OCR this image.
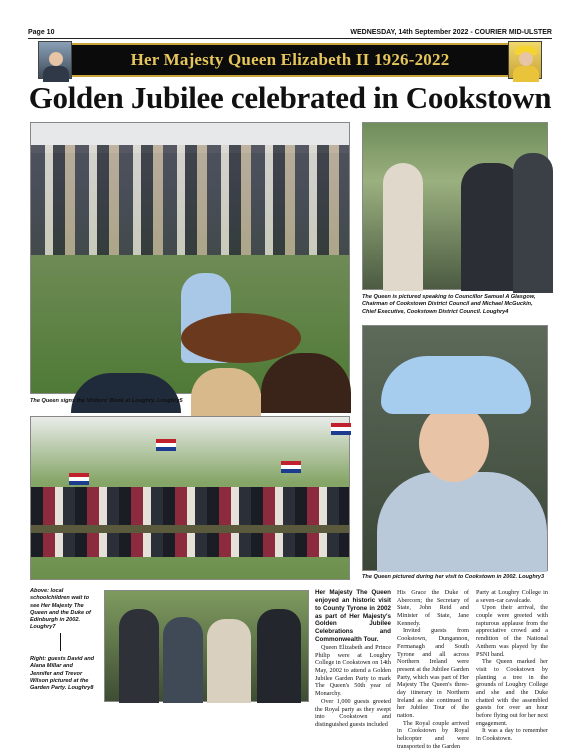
Page 10	WEDNESDAY, 14th September 2022 - COURIER MID-ULSTER
Her Majesty Queen Elizabeth II 1926-2022
Golden Jubilee celebrated in Cookstown
The Queen signs the Visitors' Book at Loughry. Loughry5
The Queen is pictured speaking to Councillor Samuel A Glasgow, Chairman of Cookstown District Council and Michael McGuckin, Chief Executive, Cookstown District Council. Loughry4
The Queen pictured during her visit to Cookstown in 2002. Loughry3
Above: local schoolchildren wait to see Her Majesty The Queen and the Duke of Edinburgh in 2002. Loughry7
Right: guests David and Alana Millar and Jennifer and Trevor Wilson pictured at the Garden Party. Loughry8
Her Majesty The Queen enjoyed an historic visit to County Tyrone in 2002 as part of Her Majesty's Golden Jubilee Celebrations and Commonwealth Tour.

Queen Elizabeth and Prince Philip were at Loughry College in Cookstown on 14th May, 2002 to attend a Golden Jubilee Garden Party to mark The Queen's 50th year of Monarchy.

Over 1,000 guests greeted the Royal party as they swept into Cookstown and distinguished guests included

His Grace the Duke of Abercorn; the Secretary of State, John Reid and Minister of State, Jane Kennedy.

Invited guests from Cookstown, Dungannon, Fermanagh and South Tyrone and all across Northern Ireland were present at the Jubilee Garden Party, which was part of Her Majesty The Queen's three-day itinerary in Northern Ireland as she continued in her Jubilee Tour of the nation.

The Royal couple arrived in Cookstown by Royal helicopter and were transported to the Garden

Party at Loughry College in a seven-car cavalcade.

Upon their arrival, the couple were greeted with rapturous applause from the appreciative crowd and a rendition of the National Anthem was played by the PSNI band.

The Queen marked her visit to Cookstown by planting a tree in the grounds of Loughry College and she and the Duke chatted with the assembled guests for over an hour before flying out for her next engagement.

It was a day to remember in Cookstown.
